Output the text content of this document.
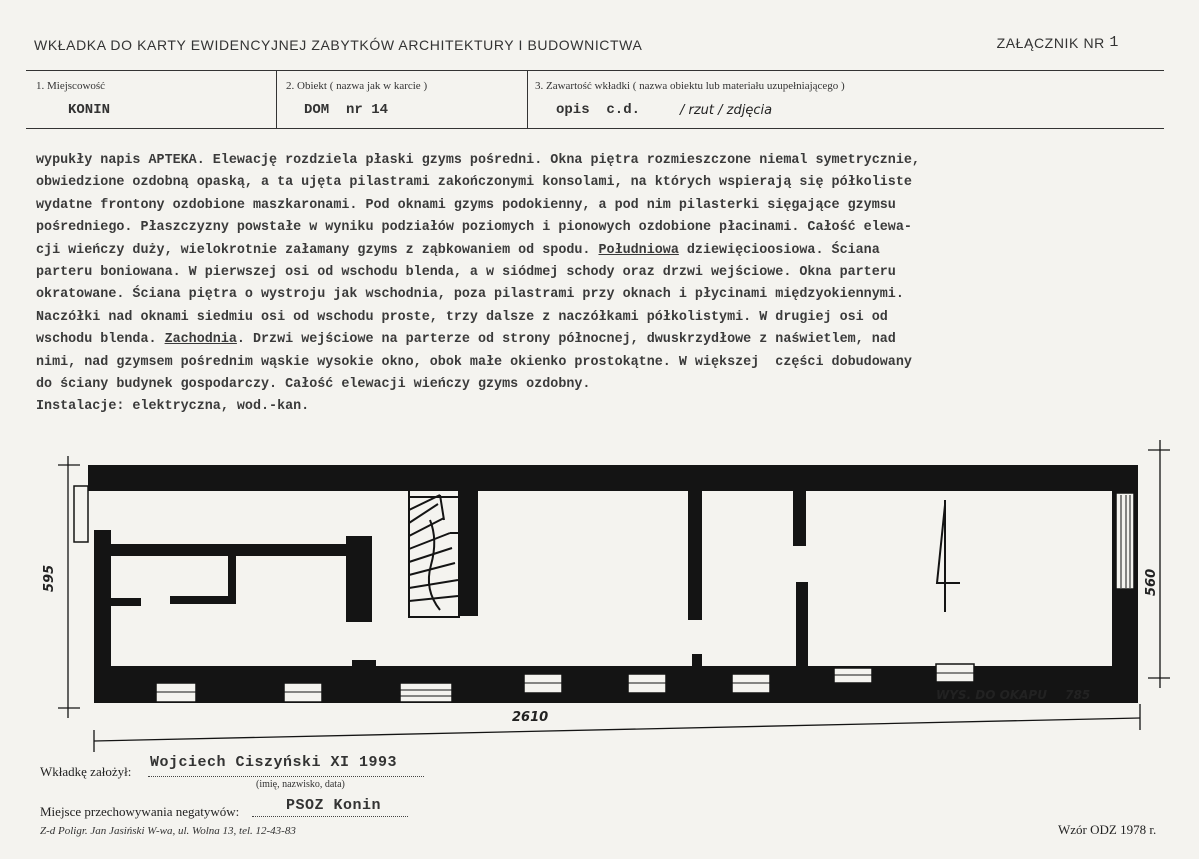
WKŁADKA DO KARTY EWIDENCYJNEJ ZABYTKÓW ARCHITEKTURY I BUDOWNICTWA	ZAŁĄCZNIK NR 1
1. Miejscowość
KONIN
2. Obiekt ( nazwa jak w karcie )
DOM  nr 14
3. Zawartość wkładki ( nazwa obiektu lub materiału uzupełniającego )
opis  c.d.	/ rzut / zdjęcia
wypukły napis APTEKA. Elewację rozdziela płaski gzyms pośredni. Okna piętra rozmieszczone niemal symetrycznie,
obwiedzione ozdobną opaską, a ta ujęta pilastrami zakończonymi konsolami, na których wspierają się półkoliste
wydatne frontony ozdobione maszkaronami. Pod oknami gzyms podokienny, a pod nim pilasterki sięgające gzymsu
pośredniego. Płaszczyzny powstałe w wyniku podziałów poziomych i pionowych ozdobione płacinami. Całość elewa-
cji wieńczy duży, wielokrotnie załamany gzyms z ząbkowaniem od spodu. Południowa dziewięcioosiowa. Ściana
parteru boniowana. W pierwszej osi od wschodu blenda, a w siódmej schody oraz drzwi wejściowe. Okna parteru
okratowane. Ściana piętra o wystroju jak wschodnia, poza pilastrami przy oknach i płycinami międzyokiennymi.
Naczółki nad oknami siedmiu osi od wschodu proste, trzy dalsze z naczółkami półkolistymi. W drugiej osi od
wschodu blenda. Zachodnia. Drzwi wejściowe na parterze od strony północnej, dwuskrzydłowe z naświetlem, nad
nimi, nad gzymsem pośrednim wąskie wysokie okno, obok małe okienko prostokątne. W większej  części dobudowany
do ściany budynek gospodarczy. Całość elewacji wieńczy gzyms ozdobny.
Instalacje: elektryczna, wod.-kan.
595	560
2610
WYS. DO OKAPU 785
Wkładkę założył:
Wojciech Ciszyński XI 1993
(imię, nazwisko, data)
Miejsce przechowywania negatywów:	PSOZ Konin
Z-d Poligr. Jan Jasiński W-wa, ul. Wolna 13, tel. 12-43-83	Wzór ODZ 1978 r.
